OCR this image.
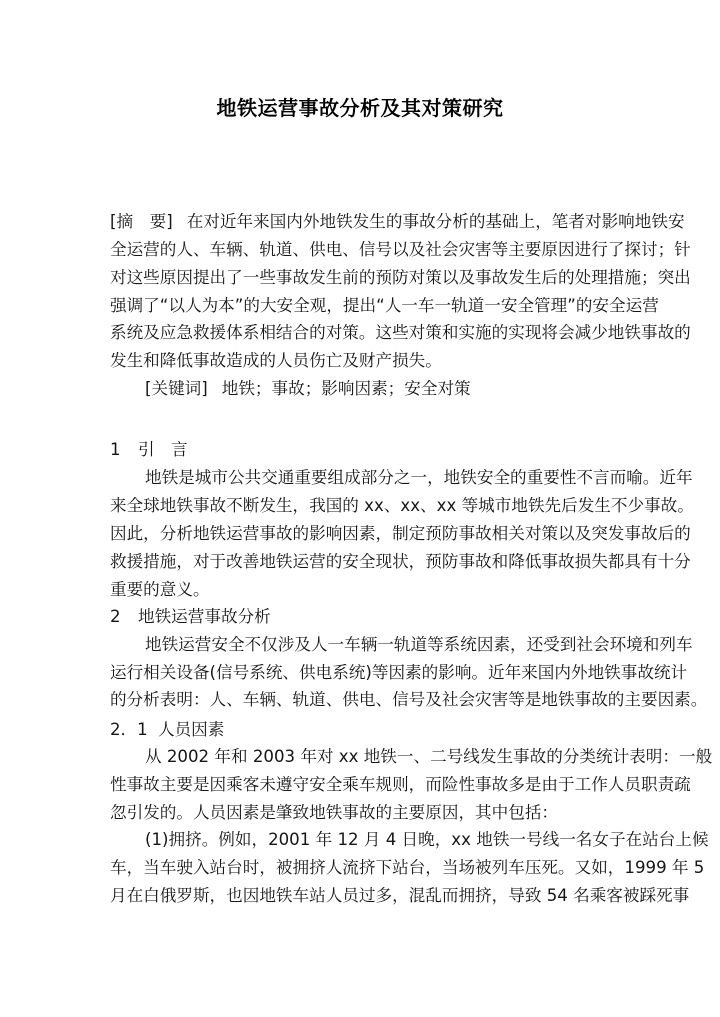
地铁运营事故分析及其对策研究
[摘　要] 在对近年来国内外地铁发生的事故分析的基础上，笔者对影响地铁安
全运营的人、车辆、轨道、供电、信号以及社会灾害等主要原因进行了探讨；针
对这些原因提出了一些事故发生前的预防对策以及事故发生后的处理措施；突出
强调了“以人为本”的大安全观，提出“人一车一轨道一安全管理”的安全运营
系统及应急救援体系相结合的对策。这些对策和实施的实现将会减少地铁事故的
发生和降低事故造成的人员伤亡及财产损失。
[关键词] 地铁；事故；影响因素；安全对策
1 引　言
地铁是城市公共交通重要组成部分之一，地铁安全的重要性不言而喻。近年
来全球地铁事故不断发生，我国的 xx、xx、xx 等城市地铁先后发生不少事故。
因此，分析地铁运营事故的影响因素，制定预防事故相关对策以及突发事故后的
救援措施，对于改善地铁运营的安全现状，预防事故和降低事故损失都具有十分
重要的意义。
2 地铁运营事故分析
地铁运营安全不仅涉及人一车辆一轨道等系统因素，还受到社会环境和列车
运行相关设备(信号系统、供电系统)等因素的影响。近年来国内外地铁事故统计
的分析表明：人、车辆、轨道、供电、信号及社会灾害等是地铁事故的主要因素。
2．1 人员因素
从 2002 年和 2003 年对 xx 地铁一、二号线发生事故的分类统计表明：一般
性事故主要是因乘客未遵守安全乘车规则，而险性事故多是由于工作人员职责疏
忽引发的。人员因素是肇致地铁事故的主要原因，其中包括：
(1)拥挤。例如，2001 年 12 月 4 日晚，xx 地铁一号线一名女子在站台上候
车，当车驶入站台时，被拥挤人流挤下站台，当场被列车压死。又如，1999 年 5
月在白俄罗斯，也因地铁车站人员过多，混乱而拥挤，导致 54 名乘客被踩死事
